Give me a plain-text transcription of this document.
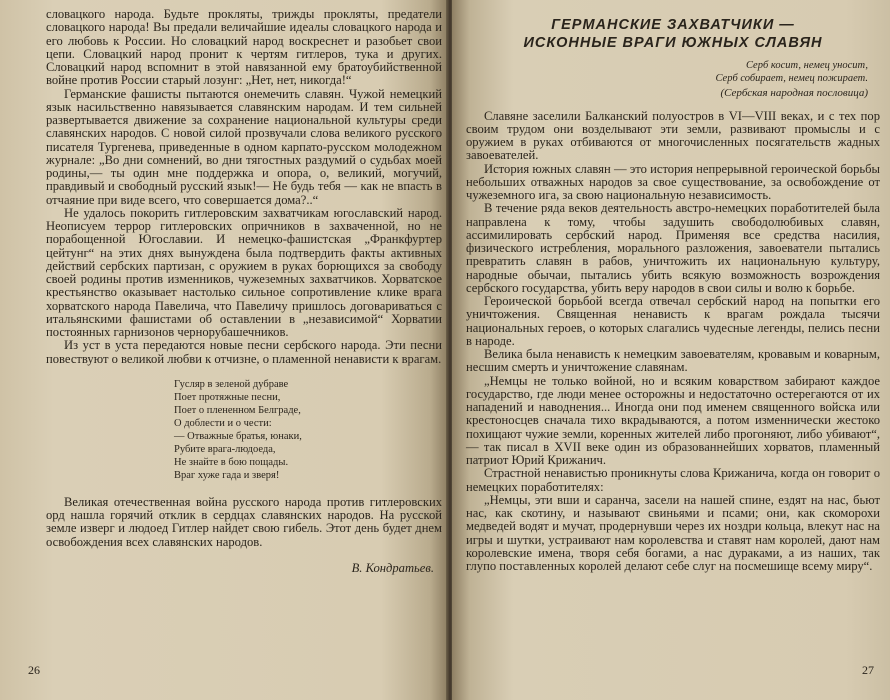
словацкого народа. Будьте прокляты, трижды прокляты, предатели словацкого народа! Вы предали величайшие идеалы словацкого народа и его любовь к России. Но словацкий народ воскреснет и разобьет свои цепи. Словацкий народ пронит к чертям гитлеров, тука и других. Словацкий народ вспомнит в этой навязанной ему братоубийственной войне против России старый лозунг: „Нет, нет, никогда!“

Германские фашисты пытаются онемечить славян. Чужой немецкий язык насильственно навязывается славянским народам. И тем сильней развертывается движение за сохранение национальной культуры среди славянских народов. С новой силой прозвучали слова великого русского писателя Тургенева, приведенные в одном карпато-русском молодежном журнале: „Во дни сомнений, во дни тягостных раздумий о судьбах моей родины,— ты один мне поддержка и опора, о, великий, могучий, правдивый и свободный русский язык!— Не будь тебя — как не впасть в отчаяние при виде всего, что совершается дома?..“

Не удалось покорить гитлеровским захватчикам югославский народ. Неописуем террор гитлеровских опричников в захваченной, но не порабощенной Югославии. И немецко-фашистская „Франкфуртер цейтунг“ на этих днях вынуждена была подтвердить факты активных действий сербских партизан, с оружием в руках борющихся за свободу своей родины против изменников, чужеземных захватчиков. Хорватское крестьянство оказывает настолько сильное сопротивление клике врага хорватского народа Павелича, что Павеличу пришлось договариваться с итальянскими фашистами об оставлении в „независимой“ Хорватии постоянных гарнизонов чернорубашечников.

Из уст в уста передаются новые песни сербского народа. Эти песни повествуют о великой любви к отчизне, о пламенной ненависти к врагам.

Гусляр в зеленой дубраве
Поет протяжные песни,
Поет о плененном Белграде,
О доблести и о чести:
— Отважные братья, юнаки,
Рубите врага-людоеда,
Не знайте в бою пощады.
Враг хуже гада и зверя!

Великая отечественная война русского народа против гитлеровских орд нашла горячий отклик в сердцах славянских народов. На русской земле изверг и людоед Гитлер найдет свою гибель. Этот день будет днем освобождения всех славянских народов.

В. Кондратьев.
26
ГЕРМАНСКИЕ ЗАХВАТЧИКИ —
ИСКОННЫЕ ВРАГИ ЮЖНЫХ СЛАВЯН
Серб косит, немец уносит,
Серб собирает, немец пожирает.
(Сербская народная пословица)

Славяне заселили Балканский полуостров в VI—VIII веках, и с тех пор своим трудом они возделывают эти земли, развивают промыслы и с оружием в руках отбиваются от многочисленных посягательств жадных завоевателей.

История южных славян — это история непрерывной героической борьбы небольших отважных народов за свое существование, за освобождение от чужеземного ига, за свою национальную независимость.

В течение ряда веков деятельность австро-немецких поработителей была направлена к тому, чтобы задушить свободолюбивых славян, ассимилировать сербский народ. Применяя все средства насилия, физического истребления, морального разложения, завоеватели пытались превратить славян в рабов, уничтожить их национальную культуру, народные обычаи, пытались убить всякую возможность возрождения сербского государства, убить веру народов в свои силы и волю к борьбе.

Героической борьбой всегда отвечал сербский народ на попытки его уничтожения. Священная ненависть к врагам рождала тысячи национальных героев, о которых слагались чудесные легенды, пелись песни в народе.

Велика была ненависть к немецким завоевателям, кровавым и коварным, несшим смерть и уничтожение славянам.

„Немцы не только войной, но и всяким коварством забирают каждое государство, где люди менее осторожны и недостаточно остерегаются от их нападений и наводнения... Иногда они под именем священного войска или крестоносцев сначала тихо вкрадываются, а потом изменнически жестоко похищают чужие земли, коренных жителей либо прогоняют, либо убивают“,— так писал в XVII веке один из образованнейших хорватов, пламенный патриот Юрий Крижанич.

Страстной ненавистью проникнуты слова Крижанича, когда он говорит о немецких поработителях:

„Немцы, эти вши и саранча, засели на нашей спине, ездят на нас, бьют нас, как скотину, и называют свиньями и псами; они, как скоморохи медведей водят и мучат, продернувши через их ноздри кольца, влекут нас на игры и шутки, устраивают нам королевства и ставят нам королей, дают нам королевские имена, творя себя богами, а нас дураками, а из наших, так глупо поставленных королей делают себе слуг на посмешище всему миру“.

27
